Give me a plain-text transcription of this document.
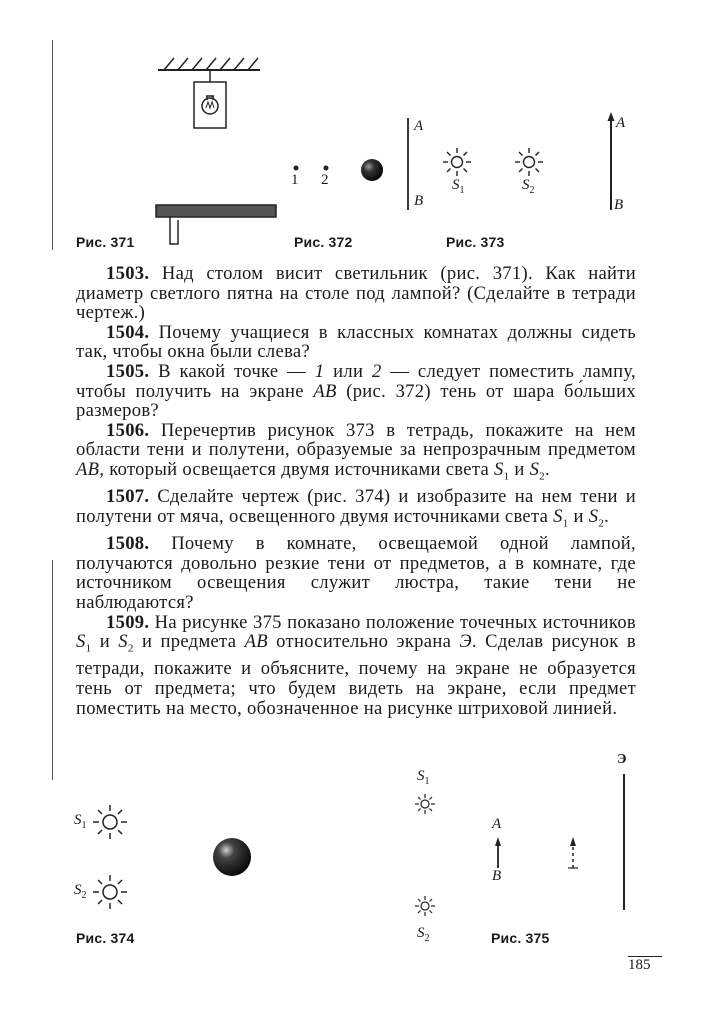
Рис. 371
1 2
A
B
Рис. 372
$S_1$	$S_2$
A
B
Рис. 373

1503. Над столом висит светильник (рис. 371). Как найти диаметр светлого пятна на столе под лампой? (Сделайте в тетради чертеж.)

1504. Почему учащиеся в классных комнатах должны сидеть так, чтобы окна были слева?

1505. В какой точке — 1 или 2 — следует поместить лампу, чтобы получить на экране AB (рис. 372) тень от шара бо́льших размеров?

1506. Перечертив рисунок 373 в тетрадь, покажите на нем области тени и полутени, образуемые за непрозрачным предметом AB, который освещается двумя источниками света $S_1$ и $S_2$.

1507. Сделайте чертеж (рис. 374) и изобразите на нем тени и полутени от мяча, освещенного двумя источниками света $S_1$ и $S_2$.

1508. Почему в комнате, освещаемой одной лампой, получаются довольно резкие тени от предметов, а в комнате, где источником освещения служит люстра, такие тени не наблюдаются?

1509. На рисунке 375 показано положение точечных источников $S_1$ и $S_2$ и предмета AB относительно экрана Э. Сделав рисунок в тетради, покажите и объясните, почему на экране не образуется тень от предмета; что будем видеть на экране, если предмет поместить на место, обозначенное на рисунке штриховой линией.

$S_1$
$S_2$
Рис. 374
$S_1$
$S_2$
A
B
Э
Рис. 375
185
